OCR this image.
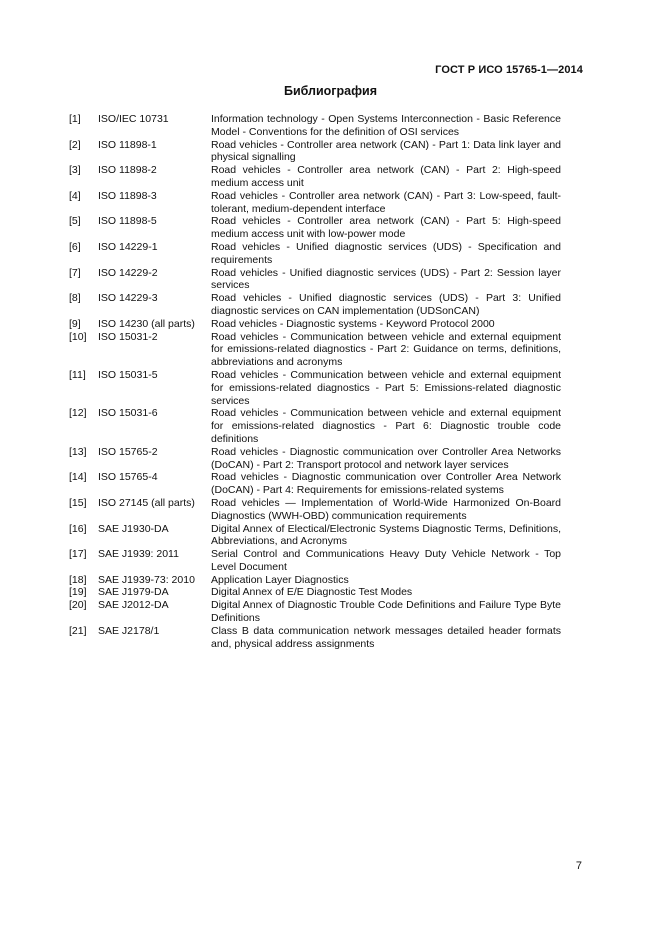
ГОСТ Р ИСО 15765-1—2014
Библиография
[1]	ISO/IEC 10731	Information technology - Open Systems Interconnection - Basic Reference Model - Conventions for the definition of OSI services
[2]	ISO 11898-1	Road vehicles - Controller area network (CAN) - Part 1: Data link layer and physical signalling
[3]	ISO 11898-2	Road vehicles - Controller area network (CAN) - Part 2: High-speed medium access unit
[4]	ISO 11898-3	Road vehicles - Controller area network (CAN) - Part 3: Low-speed, fault-tolerant, medium-dependent interface
[5]	ISO 11898-5	Road vehicles - Controller area network (CAN) - Part 5: High-speed medium access unit with low-power mode
[6]	ISO 14229-1	Road vehicles - Unified diagnostic services (UDS) - Specification and requirements
[7]	ISO 14229-2	Road vehicles - Unified diagnostic services (UDS) - Part 2: Session layer services
[8]	ISO 14229-3	Road vehicles - Unified diagnostic services (UDS) - Part 3: Unified diagnostic services on CAN implementation (UDSonCAN)
[9]	ISO 14230 (all parts)	Road vehicles - Diagnostic systems - Keyword Protocol 2000
[10]	ISO 15031-2	Road vehicles - Communication between vehicle and external equipment for emissions-related diagnostics - Part 2: Guidance on terms, definitions, abbreviations and acronyms
[11]	ISO 15031-5	Road vehicles - Communication between vehicle and external equipment for emissions-related diagnostics - Part 5: Emissions-related diagnostic services
[12]	ISO 15031-6	Road vehicles - Communication between vehicle and external equipment for emissions-related diagnostics - Part 6: Diagnostic trouble code definitions
[13]	ISO 15765-2	Road vehicles - Diagnostic communication over Controller Area Networks (DoCAN) - Part 2: Transport protocol and network layer services
[14]	ISO 15765-4	Road vehicles - Diagnostic communication over Controller Area Network (DoCAN) - Part 4: Requirements for emissions-related systems
[15]	ISO 27145 (all parts)	Road vehicles — Implementation of World-Wide Harmonized On-Board Diagnostics (WWH-OBD) communication requirements
[16]	SAE J1930-DA	Digital Annex of Electical/Electronic Systems Diagnostic Terms, Definitions, Abbreviations, and Acronyms
[17]	SAE J1939: 2011	Serial Control and Communications Heavy Duty Vehicle Network - Top Level Document
[18]	SAE J1939-73: 2010	Application Layer Diagnostics
[19]	SAE J1979-DA	Digital Annex of E/E Diagnostic Test Modes
[20]	SAE J2012-DA	Digital Annex of Diagnostic Trouble Code Definitions and Failure Type Byte Definitions
[21]	SAE J2178/1	Class B data communication network messages detailed header formats and, physical address assignments
7
